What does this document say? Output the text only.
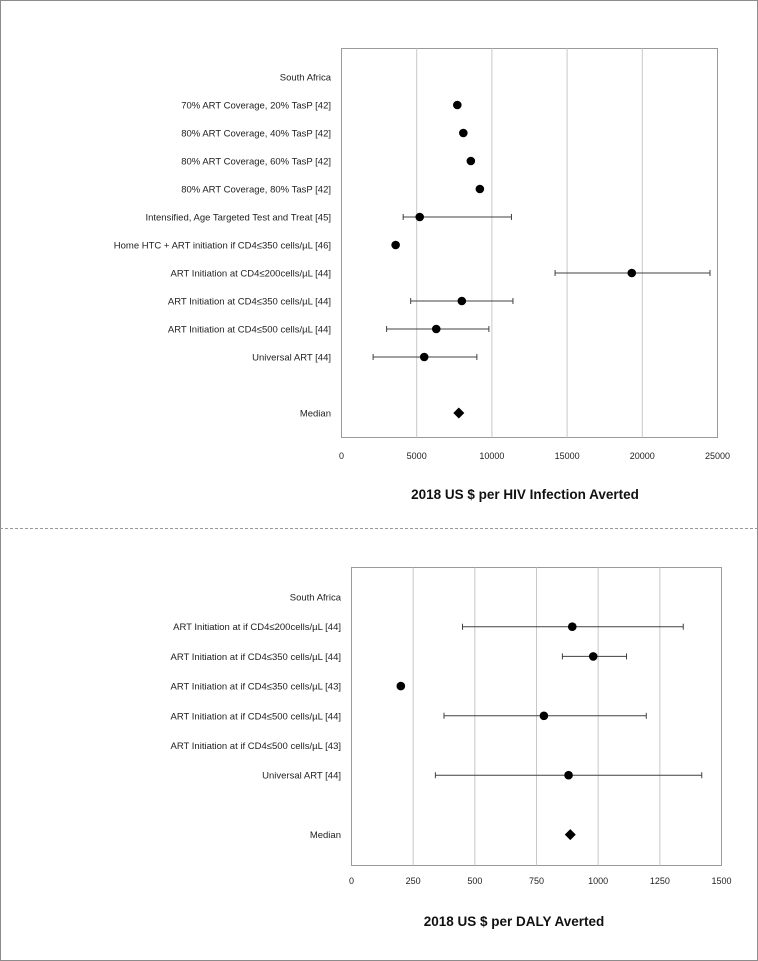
South Africa
70% ART Coverage, 20% TasP [42]
80% ART Coverage, 40% TasP [42]
80% ART Coverage, 60% TasP [42]
80% ART Coverage, 80% TasP [42]
Intensified, Age Targeted Test and Treat [45]
Home HTC + ART initiation if CD4≤350 cells/µL [46]
ART Initiation at CD4≤200cells/µL [44]
ART Initiation at CD4≤350 cells/µL [44]
ART Initiation at CD4≤500 cells/µL [44]
Universal ART [44]
Median
0	5000	10000	15000	20000	25000
2018 US $ per HIV Infection Averted
South Africa
ART Initiation at if CD4≤200cells/µL [44]
ART Initiation at if CD4≤350 cells/µL [44]
ART Initiation at if CD4≤350 cells/µL [43]
ART Initiation at if CD4≤500 cells/µL [44]
ART Initiation at if CD4≤500 cells/µL [43]
Universal ART [44]
Median
0	250	500	750	1000	1250	1500
2018 US $ per DALY Averted
